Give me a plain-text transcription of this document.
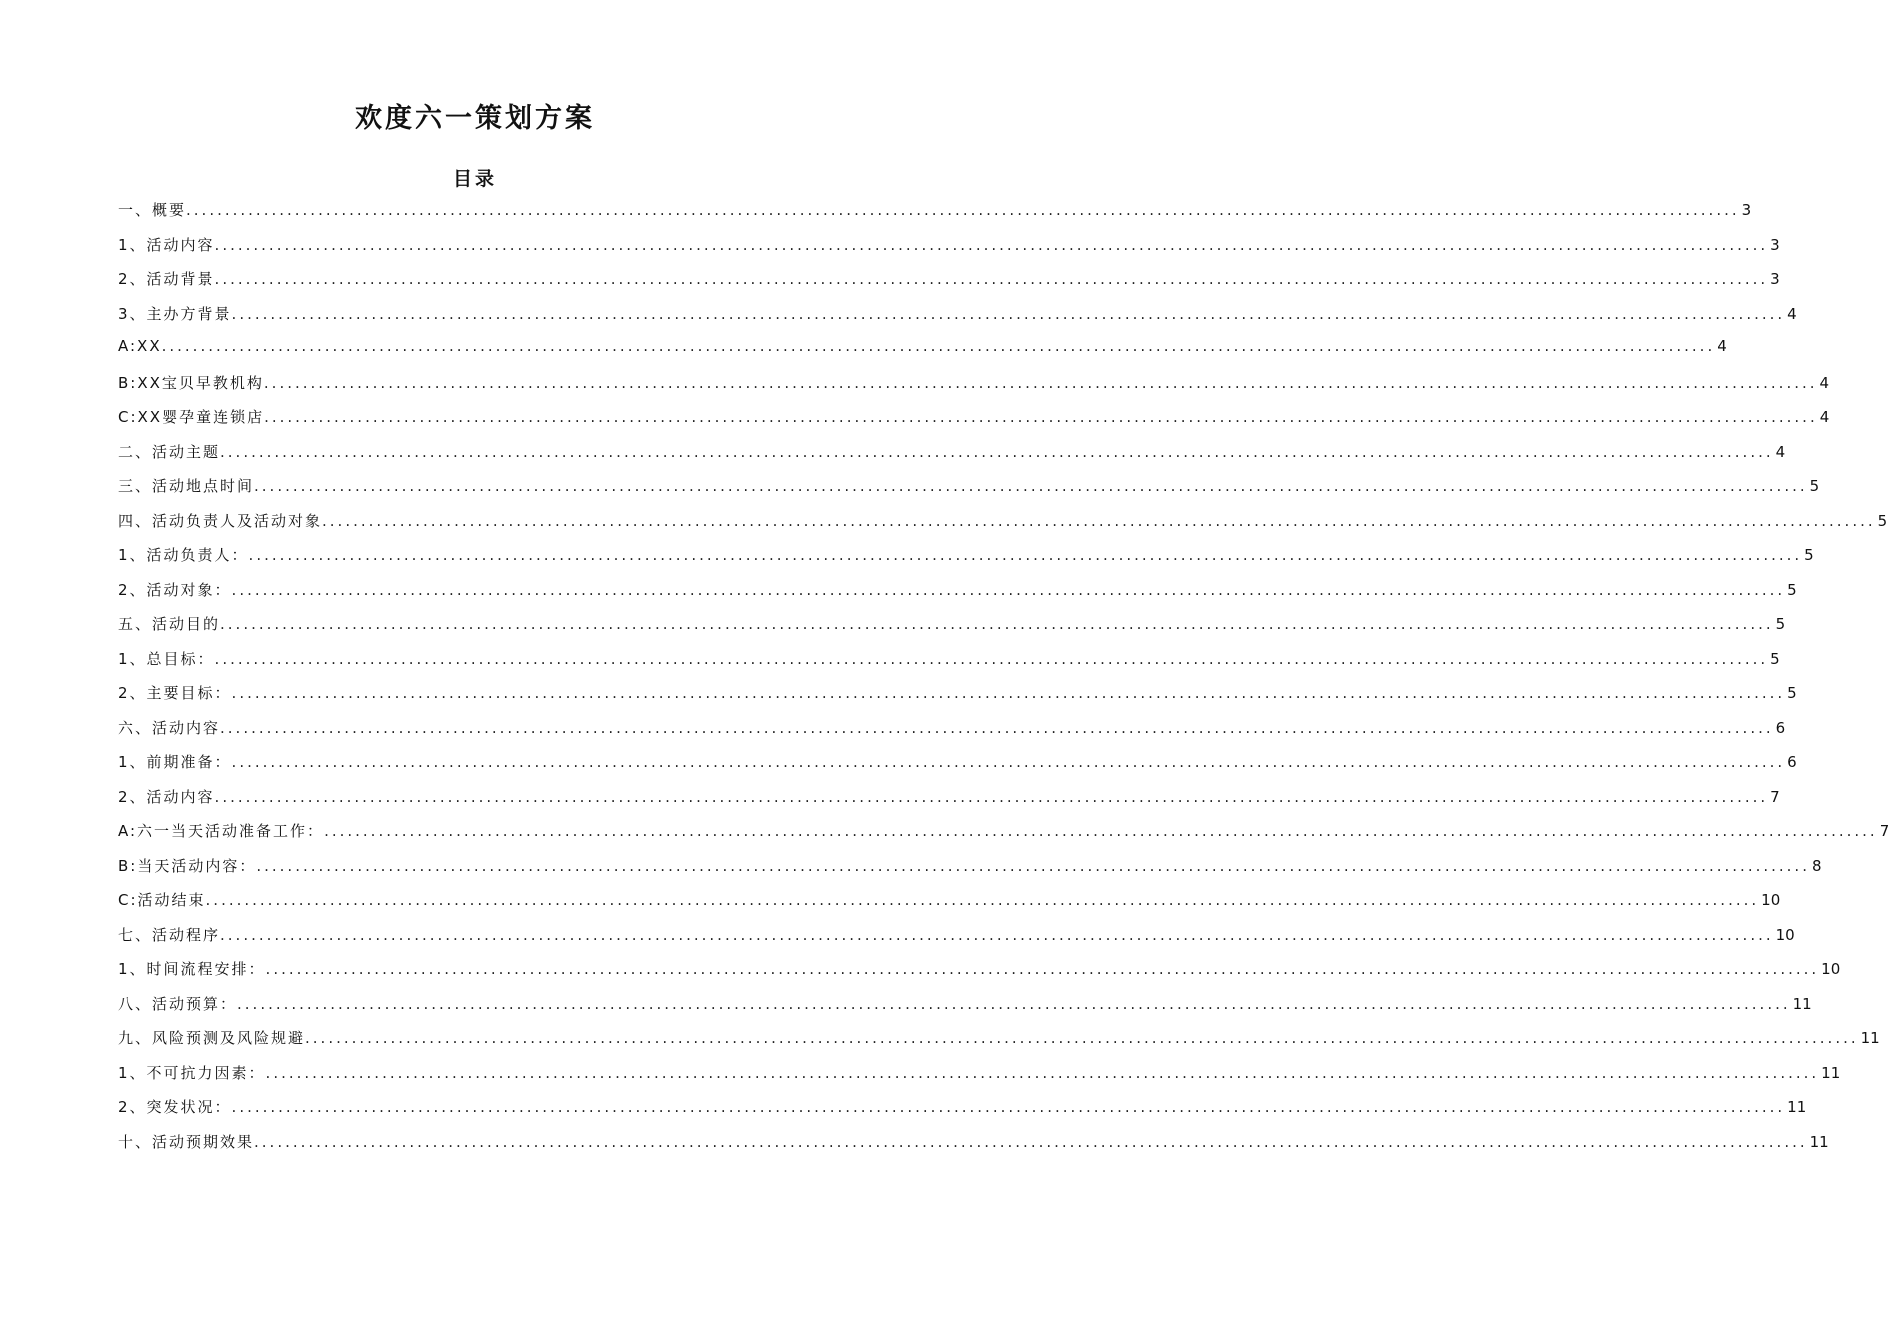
欢度六一策划方案
目录
一、概要 ........................................................................................................................................................................................................ 3
1、活动内容 ........................................................................................................................................................................................................ 3
2、活动背景 ........................................................................................................................................................................................................ 3
3、主办方背景 ........................................................................................................................................................................................................ 4
A:XX ........................................................................................................................................................................................................ 4
B:XX宝贝早教机构 ........................................................................................................................................................................................................ 4
C:XX婴孕童连锁店 ........................................................................................................................................................................................................ 4
二、活动主题 ........................................................................................................................................................................................................ 4
三、活动地点时间 ........................................................................................................................................................................................................ 5
四、活动负责人及活动对象 ........................................................................................................................................................................................................ 5
1、活动负责人： ........................................................................................................................................................................................................ 5
2、活动对象： ........................................................................................................................................................................................................ 5
五、活动目的 ........................................................................................................................................................................................................ 5
1、总目标： ........................................................................................................................................................................................................ 5
2、主要目标： ........................................................................................................................................................................................................ 5
六、活动内容 ........................................................................................................................................................................................................ 6
1、前期准备： ........................................................................................................................................................................................................ 6
2、活动内容 ........................................................................................................................................................................................................ 7
A:六一当天活动准备工作： ........................................................................................................................................................................................................ 7
B:当天活动内容： ........................................................................................................................................................................................................ 8
C:活动结束 ........................................................................................................................................................................................................ 10
七、活动程序 ........................................................................................................................................................................................................ 10
1、时间流程安排： ........................................................................................................................................................................................................ 10
八、活动预算： ........................................................................................................................................................................................................ 11
九、风险预测及风险规避 ........................................................................................................................................................................................................ 11
1、不可抗力因素： ........................................................................................................................................................................................................ 11
2、突发状况： ........................................................................................................................................................................................................ 11
十、活动预期效果 ........................................................................................................................................................................................................ 11
